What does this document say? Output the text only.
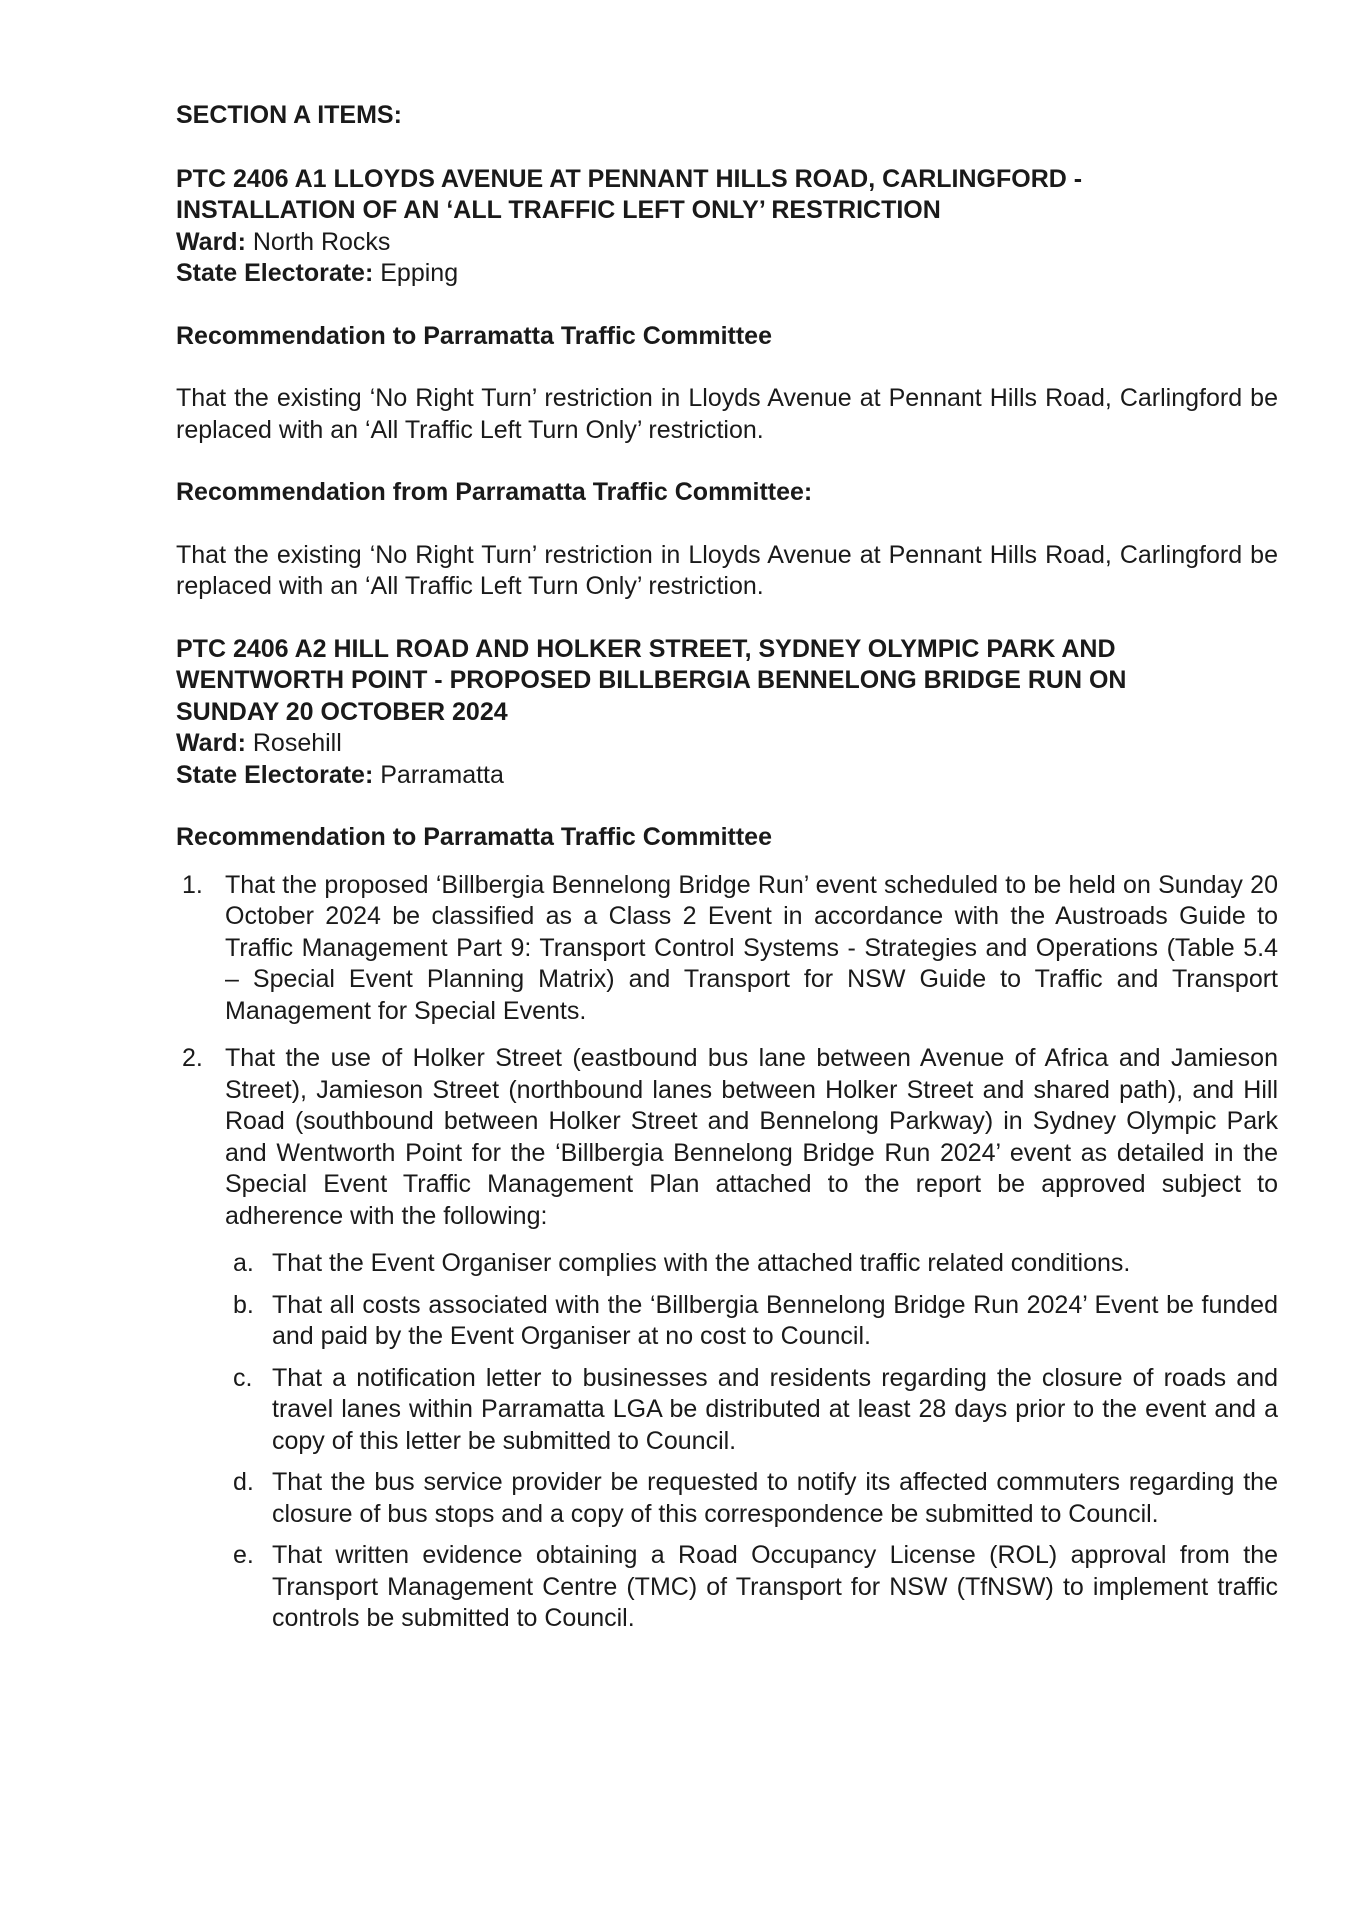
SECTION A ITEMS:

PTC 2406 A1 LLOYDS AVENUE AT PENNANT HILLS ROAD, CARLINGFORD -
INSTALLATION OF AN ‘ALL TRAFFIC LEFT ONLY’ RESTRICTION

Ward: North Rocks

State Electorate: Epping

Recommendation to Parramatta Traffic Committee

That the existing ‘No Right Turn’ restriction in Lloyds Avenue at Pennant Hills Road, Carlingford be replaced with an ‘All Traffic Left Turn Only’ restriction.

Recommendation from Parramatta Traffic Committee:

That the existing ‘No Right Turn’ restriction in Lloyds Avenue at Pennant Hills Road, Carlingford be replaced with an ‘All Traffic Left Turn Only’ restriction.

PTC 2406 A2 HILL ROAD AND HOLKER STREET, SYDNEY OLYMPIC PARK AND
WENTWORTH POINT - PROPOSED BILLBERGIA BENNELONG BRIDGE RUN ON
SUNDAY 20 OCTOBER 2024

Ward: Rosehill

State Electorate: Parramatta

Recommendation to Parramatta Traffic Committee

1. That the proposed ‘Billbergia Bennelong Bridge Run’ event scheduled to be held on Sunday 20 October 2024 be classified as a Class 2 Event in accordance with the Austroads Guide to Traffic Management Part 9: Transport Control Systems - Strategies and Operations (Table 5.4 – Special Event Planning Matrix) and Transport for NSW Guide to Traffic and Transport Management for Special Events.
2. That the use of Holker Street (eastbound bus lane between Avenue of Africa and Jamieson Street), Jamieson Street (northbound lanes between Holker Street and shared path), and Hill Road (southbound between Holker Street and Bennelong Parkway) in Sydney Olympic Park and Wentworth Point for the ‘Billbergia Bennelong Bridge Run 2024’ event as detailed in the Special Event Traffic Management Plan attached to the report be approved subject to adherence with the following:
a. That the Event Organiser complies with the attached traffic related conditions.
b. That all costs associated with the ‘Billbergia Bennelong Bridge Run 2024’ Event be funded and paid by the Event Organiser at no cost to Council.
c. That a notification letter to businesses and residents regarding the closure of roads and travel lanes within Parramatta LGA be distributed at least 28 days prior to the event and a copy of this letter be submitted to Council.
d. That the bus service provider be requested to notify its affected commuters regarding the closure of bus stops and a copy of this correspondence be submitted to Council.
e. That written evidence obtaining a Road Occupancy License (ROL) approval from the Transport Management Centre (TMC) of Transport for NSW (TfNSW) to implement traffic controls be submitted to Council.
